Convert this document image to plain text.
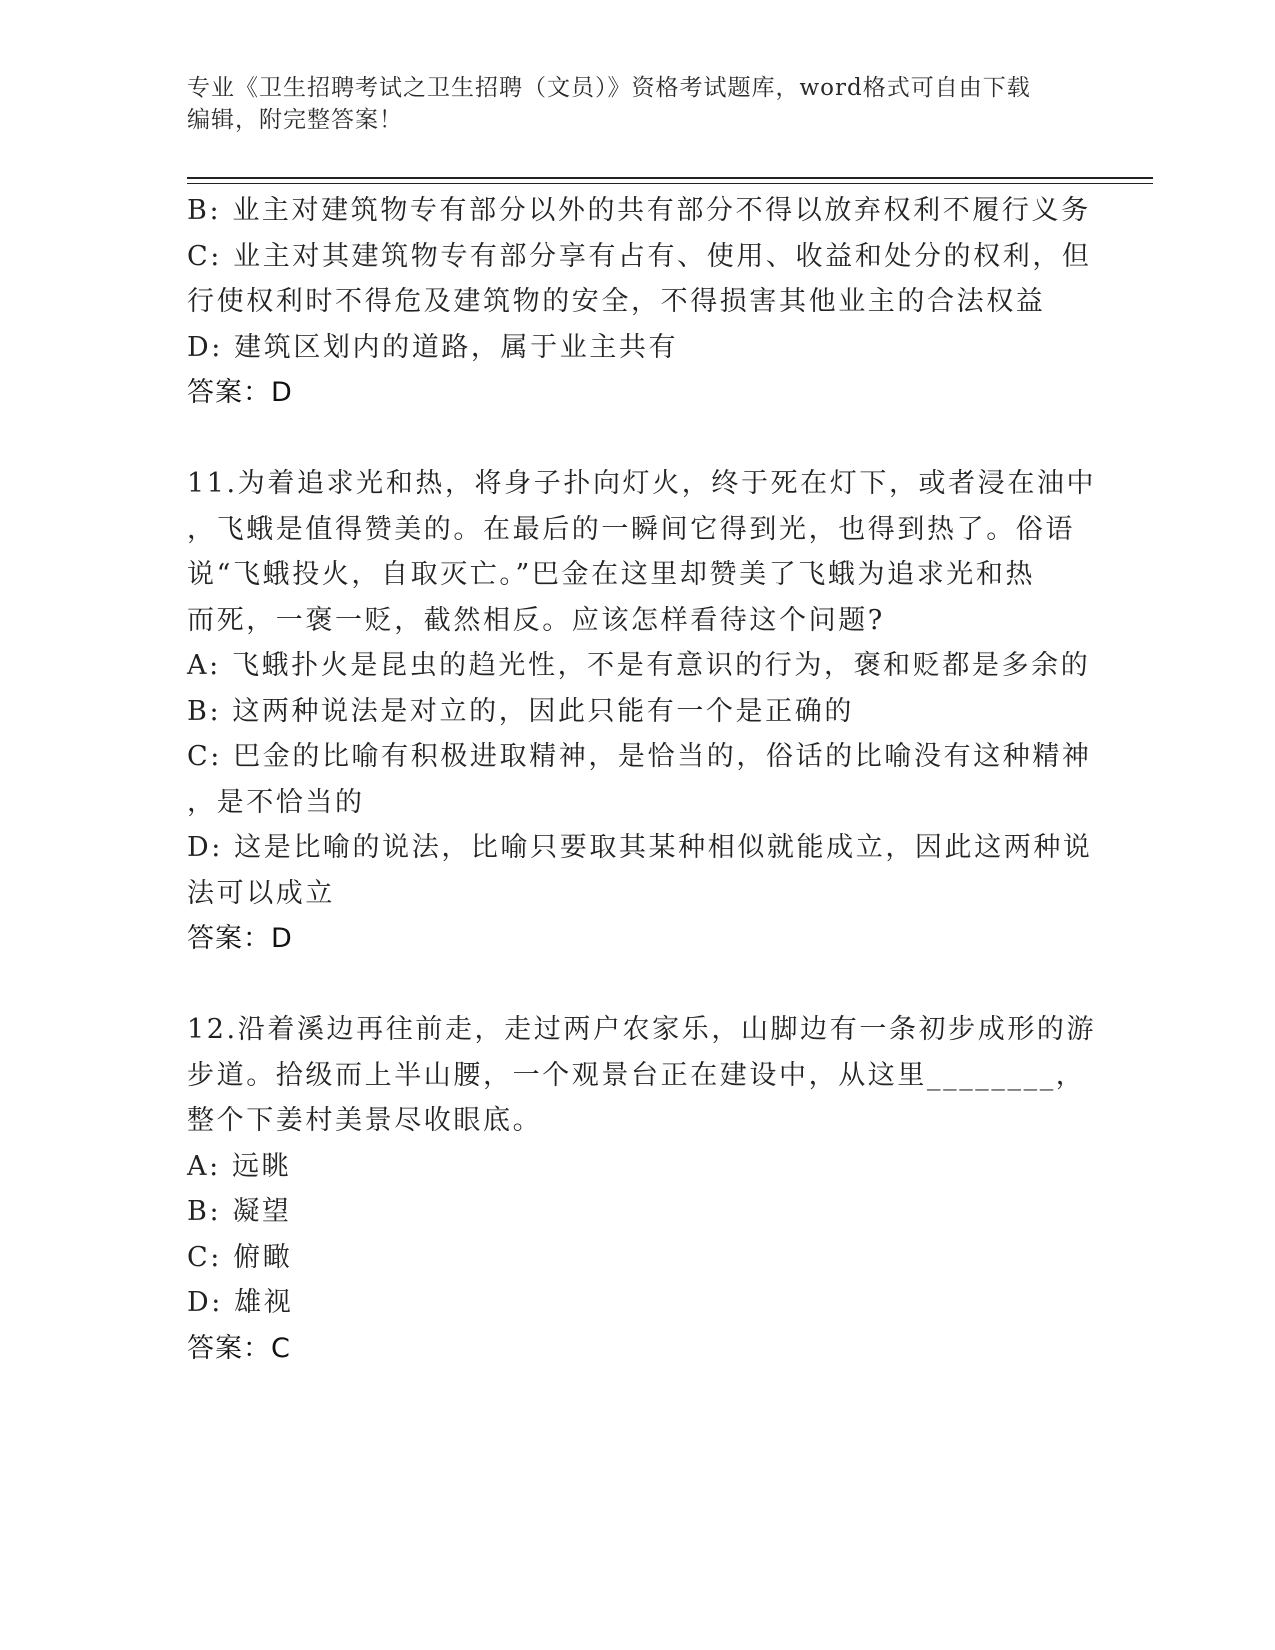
专业《卫生招聘考试之卫生招聘（文员）》资格考试题库，word格式可自由下载
编辑，附完整答案！
B: 业主对建筑物专有部分以外的共有部分不得以放弃权利不履行义务
C: 业主对其建筑物专有部分享有占有、使用、收益和处分的权利，但
行使权利时不得危及建筑物的安全，不得损害其他业主的合法权益
D: 建筑区划内的道路，属于业主共有
答案：D
11.为着追求光和热，将身子扑向灯火，终于死在灯下，或者浸在油中
，飞蛾是值得赞美的。在最后的一瞬间它得到光，也得到热了。俗语
说“飞蛾投火，自取灭亡。”巴金在这里却赞美了飞蛾为追求光和热
而死，一褒一贬，截然相反。应该怎样看待这个问题?
A: 飞蛾扑火是昆虫的趋光性，不是有意识的行为，褒和贬都是多余的
B: 这两种说法是对立的，因此只能有一个是正确的
C: 巴金的比喻有积极进取精神，是恰当的，俗话的比喻没有这种精神
，是不恰当的
D: 这是比喻的说法，比喻只要取其某种相似就能成立，因此这两种说
法可以成立
答案：D
12.沿着溪边再往前走，走过两户农家乐，山脚边有一条初步成形的游
步道。拾级而上半山腰，一个观景台正在建设中，从这里________，
整个下姜村美景尽收眼底。
A: 远眺
B: 凝望
C: 俯瞰
D: 雄视
答案：C
